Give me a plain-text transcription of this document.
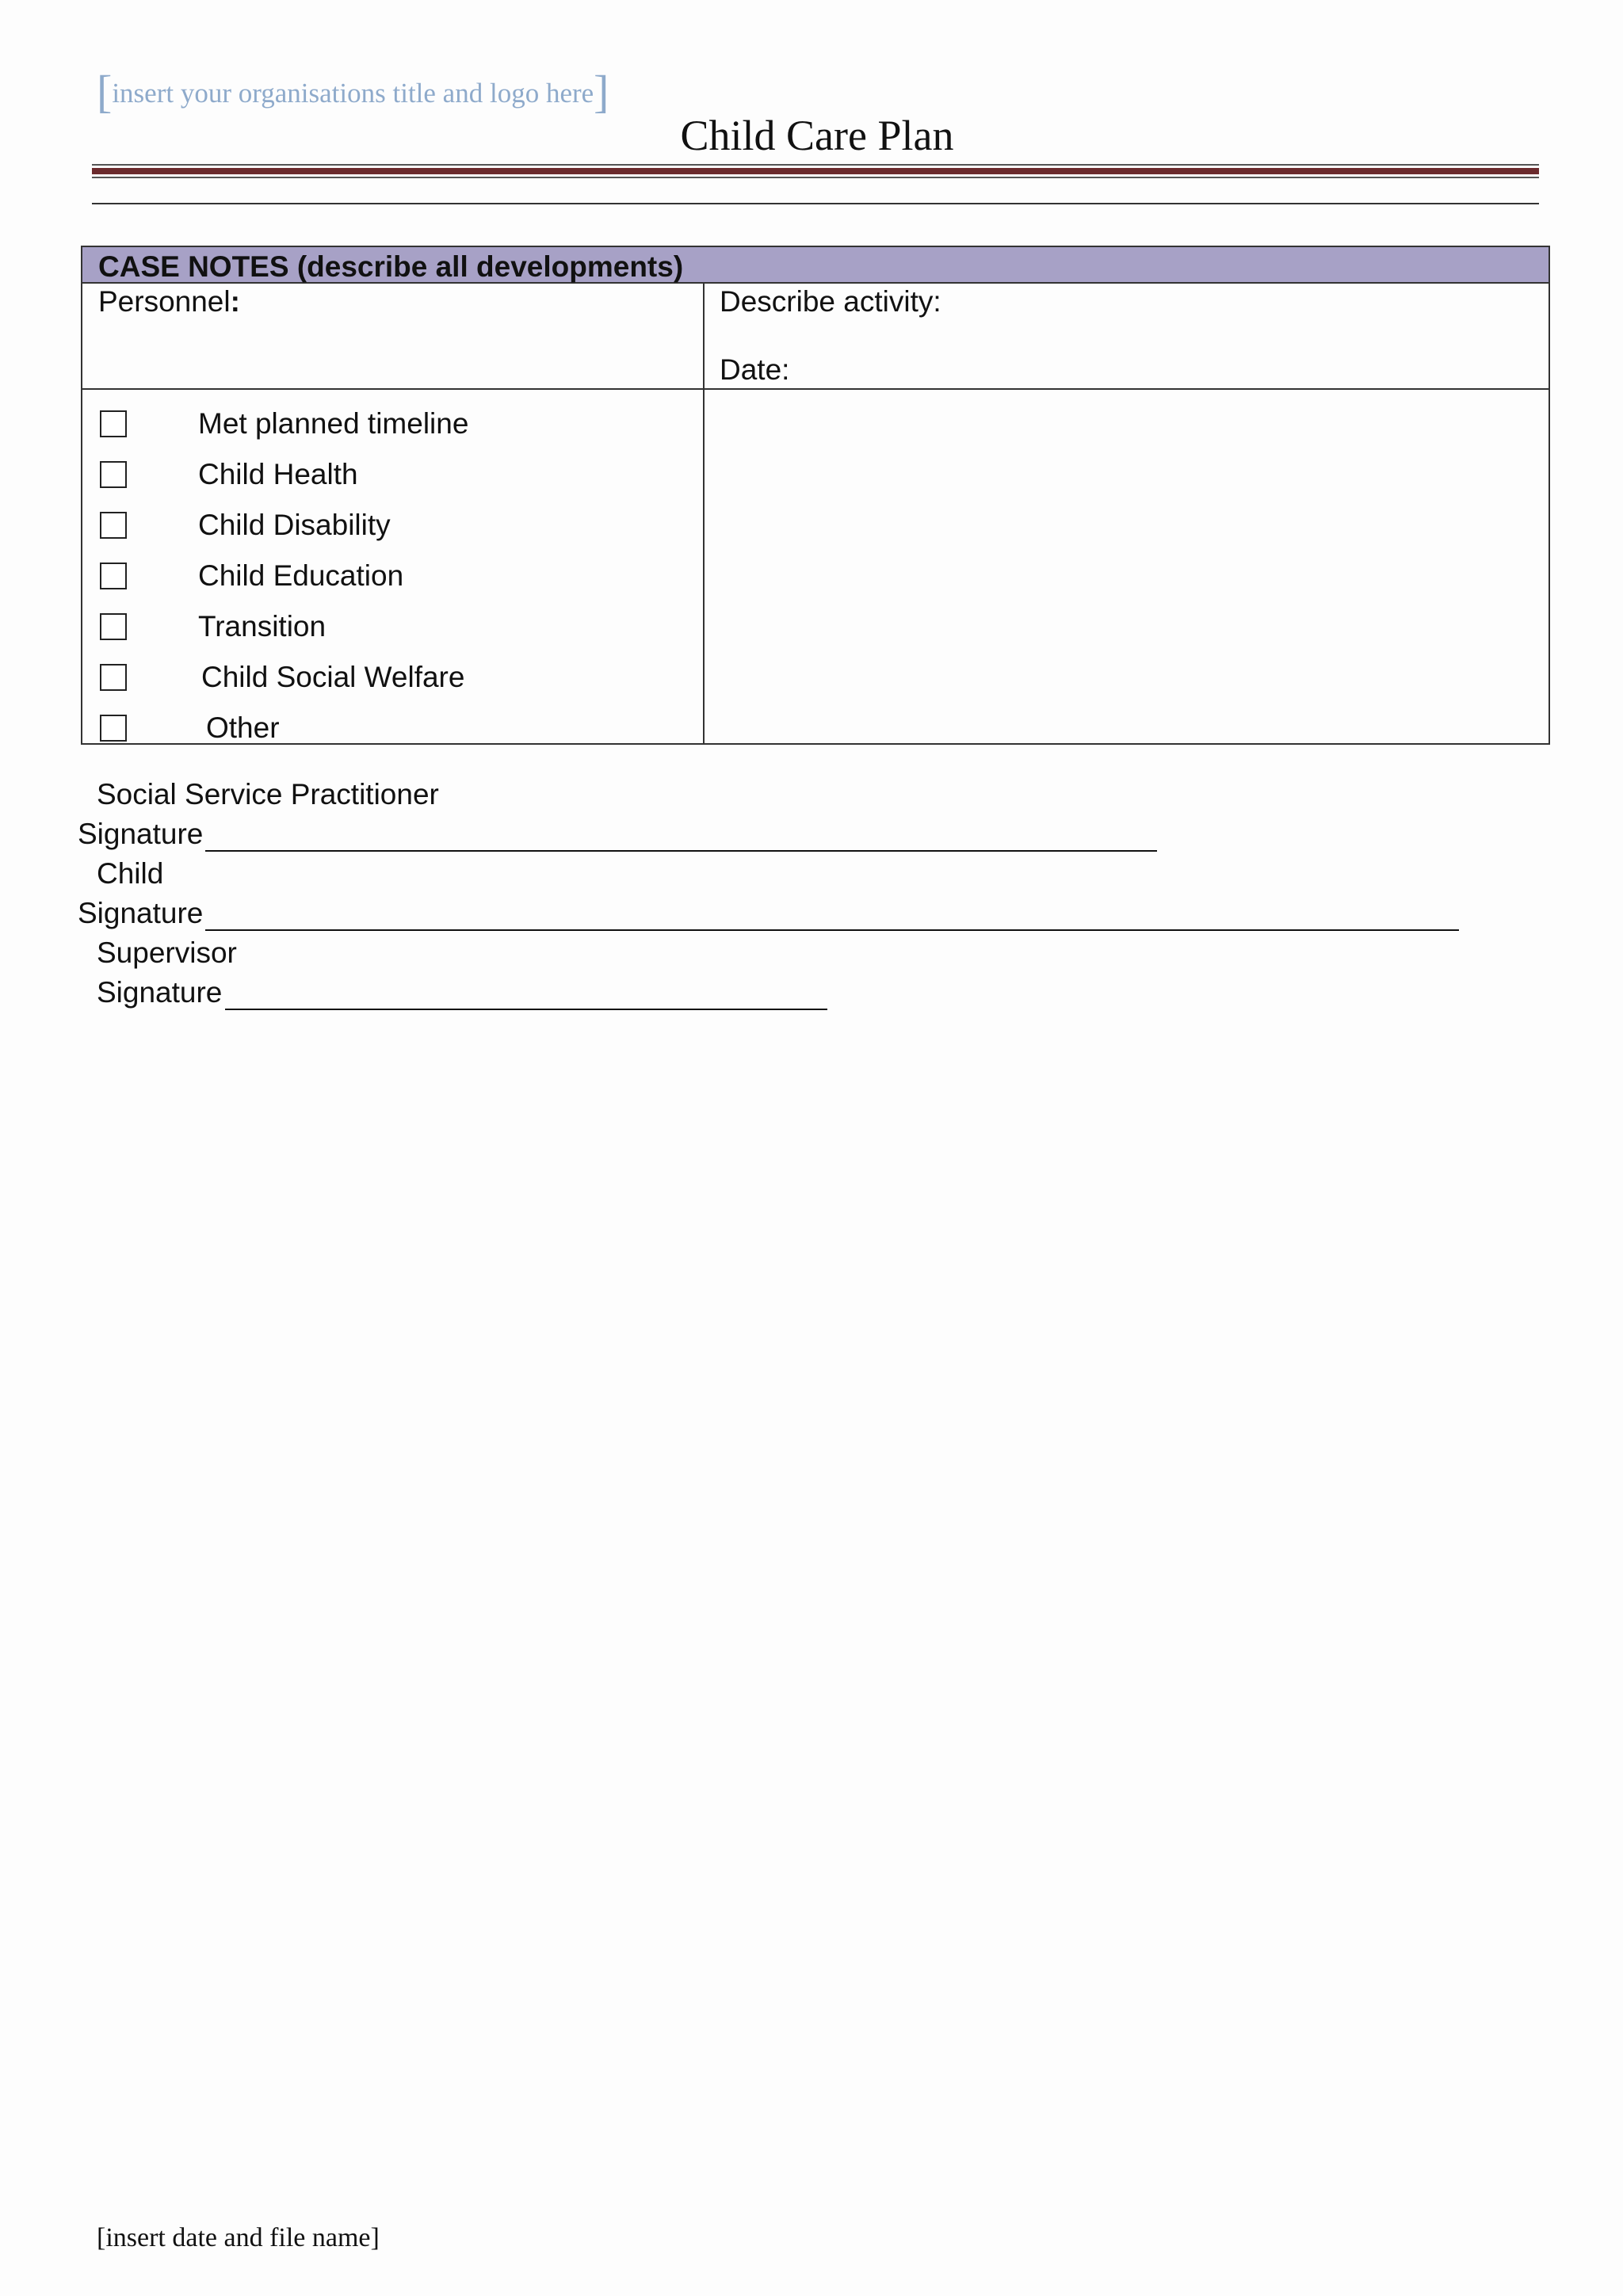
[insert your organisations title and logo here]
Child Care Plan
CASE NOTES (describe all developments)
Personnel:	Describe activity:
Date:
Met planned timeline
Child Health
Child Disability
Child Education
Transition
Child Social Welfare
Other
Social Service Practitioner
Signature
Child
Signature
Supervisor
Signature
[insert date and file name]
